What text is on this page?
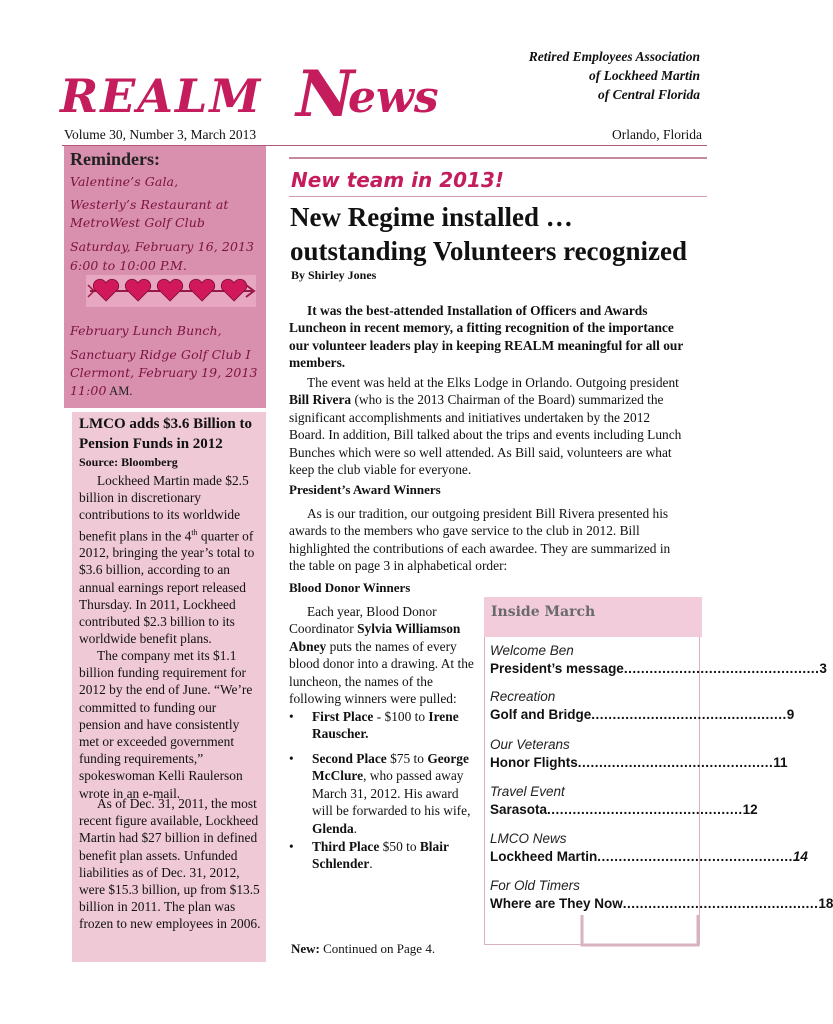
REALM N
ews
Retired Employees Association
of Lockheed Martin
of Central Florida
Volume 30, Number 3, March 2013	Orlando, Florida
Reminders:
Valentine’s Gala,
Westerly’s Restaurant at
MetroWest Golf Club
Saturday, February 16, 2013
6:00 to 10:00 P.M.
February Lunch Bunch,
Sanctuary Ridge Golf Club I
Clermont, February 19, 2013
11:00 AM.
LMCO adds $3.6 Billion to Pension Funds in 2012
Source: Bloomberg
Lockheed Martin made $2.5 billion in discretionary contributions to its worldwide benefit plans in the 4th quarter of 2012, bringing the year’s total to $3.6 billion, according to an annual earnings report released Thursday. In 2011, Lockheed contributed $2.3 billion to its worldwide benefit plans.
The company met its $1.1 billion funding requirement for 2012 by the end of June. “We’re committed to funding our pension and have consistently met or exceeded government funding requirements,” spokeswoman Kelli Raulerson wrote in an e-mail.
As of Dec. 31, 2011, the most recent figure available, Lockheed Martin had $27 billion in defined benefit plan assets. Unfunded liabilities as of Dec. 31, 2012, were $15.3 billion, up from $13.5 billion in 2011. The plan was frozen to new employees in 2006.
New team in 2013!
New Regime installed …
outstanding Volunteers recognized
By Shirley Jones
It was the best-attended Installation of Officers and Awards Luncheon in recent memory, a fitting recognition of the importance our volunteer leaders play in keeping REALM meaningful for all our members.
The event was held at the Elks Lodge in Orlando. Outgoing president Bill Rivera (who is the 2013 Chairman of the Board) summarized the significant accomplishments and initiatives undertaken by the 2012 Board. In addition, Bill talked about the trips and events including Lunch Bunches which were so well attended. As Bill said, volunteers are what keep the club viable for everyone.
President’s Award Winners
As is our tradition, our outgoing president Bill Rivera presented his awards to the members who gave service to the club in 2012. Bill highlighted the contributions of each awardee. They are summarized in the table on page 3 in alphabetical order:
Blood Donor Winners
Each year, Blood Donor Coordinator Sylvia Williamson Abney puts the names of every blood donor into a drawing. At the luncheon, the names of the following winners were pulled:
• First Place - $100 to Irene Rauscher.
• Second Place $75 to George McClure, who passed away March 31, 2012. His award will be forwarded to his wife, Glenda.
• Third Place $50 to Blair Schlender.
New: Continued on Page 4.
Inside March
Welcome Ben
President’s message .............................................. 3
Recreation
Golf and Bridge .............................................. 9
Our Veterans
Honor Flights .............................................. 11
Travel Event
Sarasota .............................................. 12
LMCO News
Lockheed Martin .............................................. 14
For Old Timers
Where are They Now .............................................. 18
